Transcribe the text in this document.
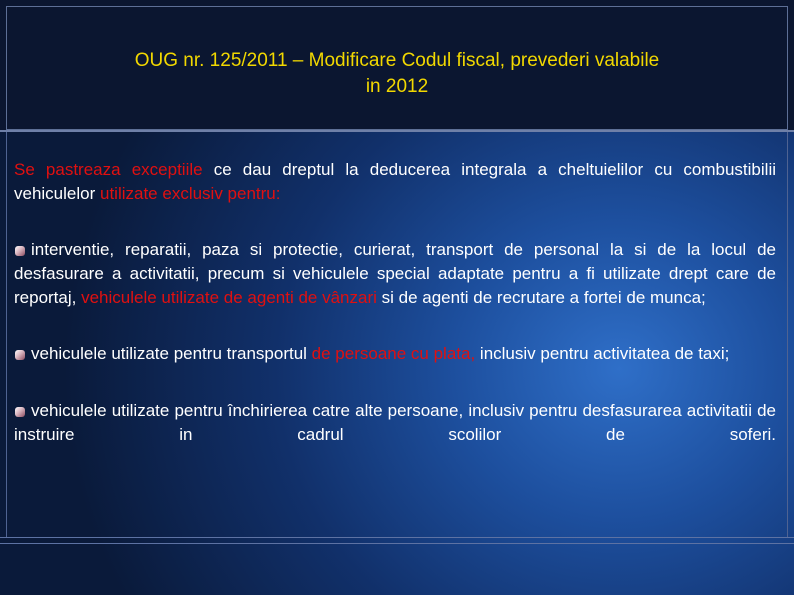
OUG nr. 125/2011 – Modificare Codul fiscal, prevederi valabile
in 2012

Se pastreaza exceptiile ce dau dreptul la deducerea integrala a cheltuielilor cu combustibilii vehiculelor utilizate exclusiv pentru:

interventie, reparatii, paza si protectie, curierat, transport de personal la si de la locul de desfasurare a activitatii, precum si vehiculele special adaptate pentru a fi utilizate drept care de reportaj, vehiculele utilizate de agenti de vânzari si de agenti de recrutare a fortei de munca;

vehiculele utilizate pentru transportul de persoane cu plata, inclusiv pentru activitatea de taxi;

vehiculele utilizate pentru închirierea catre alte persoane, inclusiv pentru desfasurarea activitatii de instruire in cadrul scolilor de soferi.
